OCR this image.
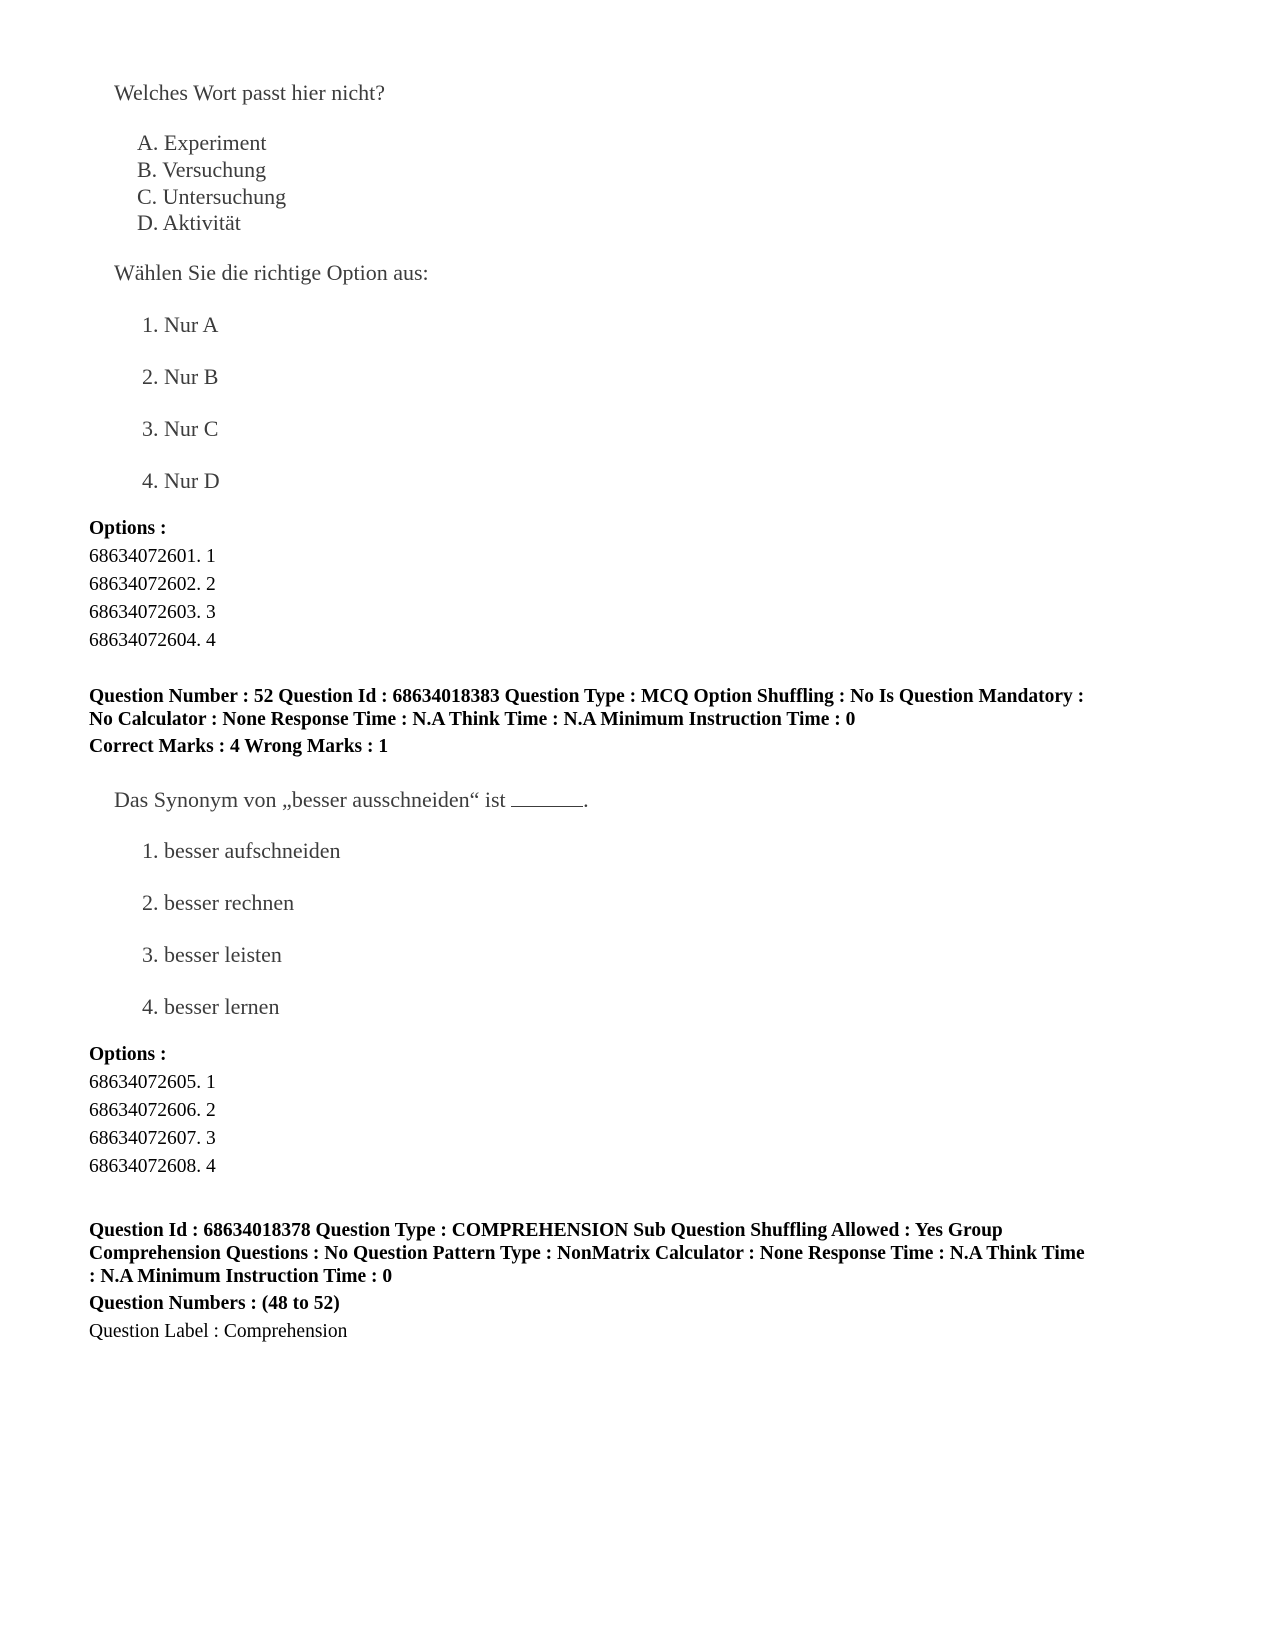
Welches Wort passt hier nicht?
A. Experiment
B. Versuchung
C. Untersuchung
D. Aktivität
Wählen Sie die richtige Option aus:
1. Nur A
2. Nur B
3. Nur C
4. Nur D
Options :
68634072601. 1
68634072602. 2
68634072603. 3
68634072604. 4
Question Number : 52 Question Id : 68634018383 Question Type : MCQ Option Shuffling : No Is Question Mandatory :
No Calculator : None Response Time : N.A Think Time : N.A Minimum Instruction Time : 0
Correct Marks : 4 Wrong Marks : 1
Das Synonym von „besser ausschneiden“ ist	.
1. besser aufschneiden
2. besser rechnen
3. besser leisten
4. besser lernen
Options :
68634072605. 1
68634072606. 2
68634072607. 3
68634072608. 4
Question Id : 68634018378 Question Type : COMPREHENSION Sub Question Shuffling Allowed : Yes Group
Comprehension Questions : No Question Pattern Type : NonMatrix Calculator : None Response Time : N.A Think Time
: N.A Minimum Instruction Time : 0
Question Numbers : (48 to 52)
Question Label : Comprehension
